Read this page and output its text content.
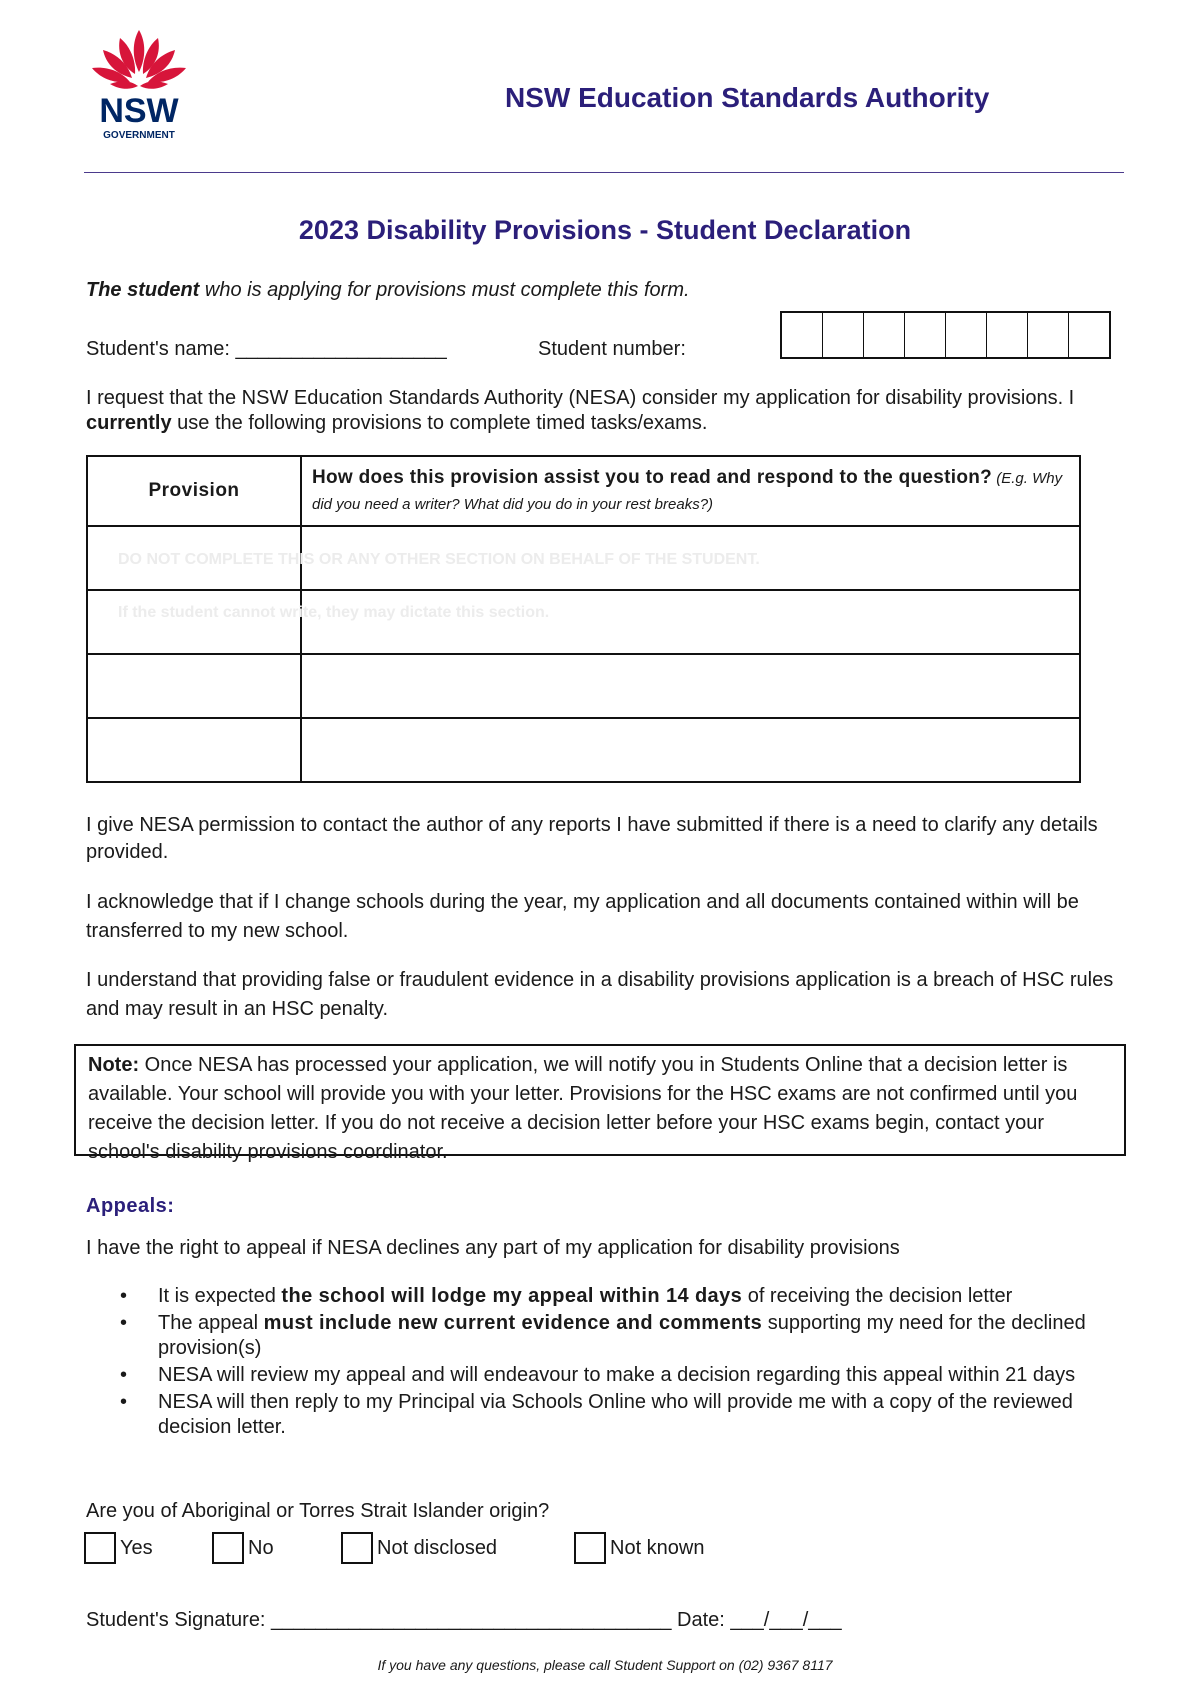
NSW
GOVERNMENT
NSW Education Standards Authority
2023 Disability Provisions - Student Declaration
The student who is applying for provisions must complete this form.
Student's name: ___________________	Student number:
I request that the NSW Education Standards Authority (NESA) consider my application for disability provisions. I currently use the following provisions to complete timed tasks/exams.
Provision	How does this provision assist you to read and respond to the question? (E.g. Why did you need a writer? What did you do in your rest breaks?)

DO NOT COMPLETE THIS OR ANY OTHER SECTION ON BEHALF OF THE STUDENT.
If the student cannot write, they may dictate this section.
I give NESA permission to contact the author of any reports I have submitted if there is a need to clarify any details provided.
I acknowledge that if I change schools during the year, my application and all documents contained within will be transferred to my new school.
I understand that providing false or fraudulent evidence in a disability provisions application is a breach of HSC rules and may result in an HSC penalty.
Note: Once NESA has processed your application, we will notify you in Students Online that a decision letter is available. Your school will provide you with your letter. Provisions for the HSC exams are not confirmed until you receive the decision letter. If you do not receive a decision letter before your HSC exams begin, contact your school's disability provisions coordinator.
Appeals:
I have the right to appeal if NESA declines any part of my application for disability provisions
• It is expected the school will lodge my appeal within 14 days of receiving the decision letter
• The appeal must include new current evidence and comments supporting my need for the declined provision(s)
• NESA will review my appeal and will endeavour to make a decision regarding this appeal within 21 days
• NESA will then reply to my Principal via Schools Online who will provide me with a copy of the reviewed decision letter.
Are you of Aboriginal or Torres Strait Islander origin?
Yes	No	Not disclosed	Not known
Student's Signature: ____________________________________ Date: ___/___/___
If you have any questions, please call Student Support on (02) 9367 8117
